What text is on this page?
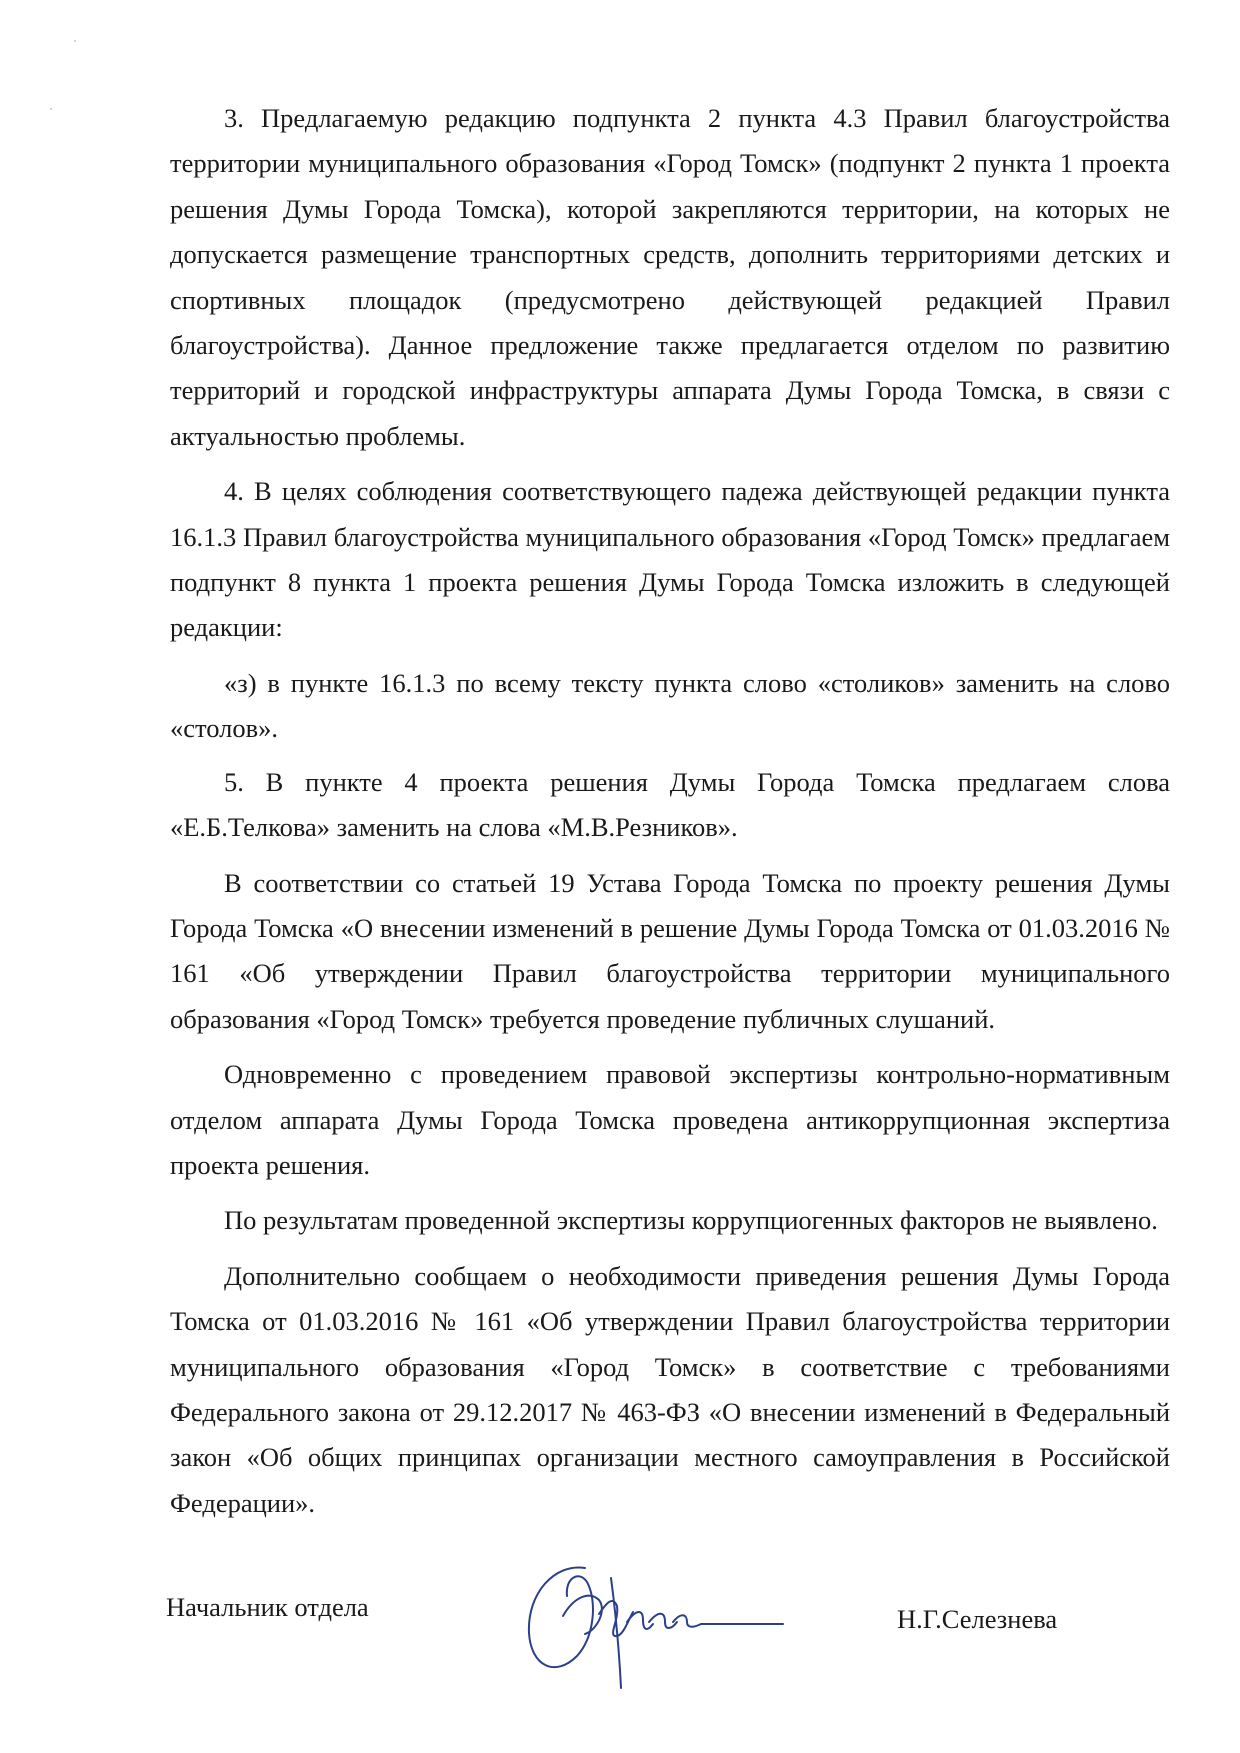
3. Предлагаемую редакцию подпункта 2 пункта 4.3 Правил благоустройства территории муниципального образования «Город Томск» (подпункт 2 пункта 1 проекта решения Думы Города Томска), которой закрепляются территории, на которых не допускается размещение транспортных средств, дополнить территориями детских и спортивных площадок (предусмотрено действующей редакцией Правил благоустройства). Данное предложение также предлагается отделом по развитию территорий и городской инфраструктуры аппарата Думы Города Томска, в связи с актуальностью проблемы.

4. В целях соблюдения соответствующего падежа действующей редакции пункта 16.1.3 Правил благоустройства муниципального образования «Город Томск» предлагаем подпункт 8 пункта 1 проекта решения Думы Города Томска изложить в следующей редакции:

«з) в пункте 16.1.3 по всему тексту пункта слово «столиков» заменить на слово «столов».

5. В пункте 4 проекта решения Думы Города Томска предлагаем слова «Е.Б.Телкова» заменить на слова «М.В.Резников».

В соответствии со статьей 19 Устава Города Томска по проекту решения Думы Города Томска «О внесении изменений в решение Думы Города Томска от 01.03.2016 № 161 «Об утверждении Правил благоустройства территории муниципального образования «Город Томск» требуется проведение публичных слушаний.

Одновременно с проведением правовой экспертизы контрольно-нормативным отделом аппарата Думы Города Томска проведена антикоррупционная экспертиза проекта решения.

По результатам проведенной экспертизы коррупциогенных факторов не выявлено.

Дополнительно сообщаем о необходимости приведения решения Думы Города Томска от 01.03.2016 № 161 «Об утверждении Правил благоустройства территории муниципального образования «Город Томск» в соответствие с требованиями Федерального закона от 29.12.2017 № 463-ФЗ «О внесении изменений в Федеральный закон «Об общих принципах организации местного самоуправления в Российской Федерации».

Начальник отдела	Н.Г.Селезнева
